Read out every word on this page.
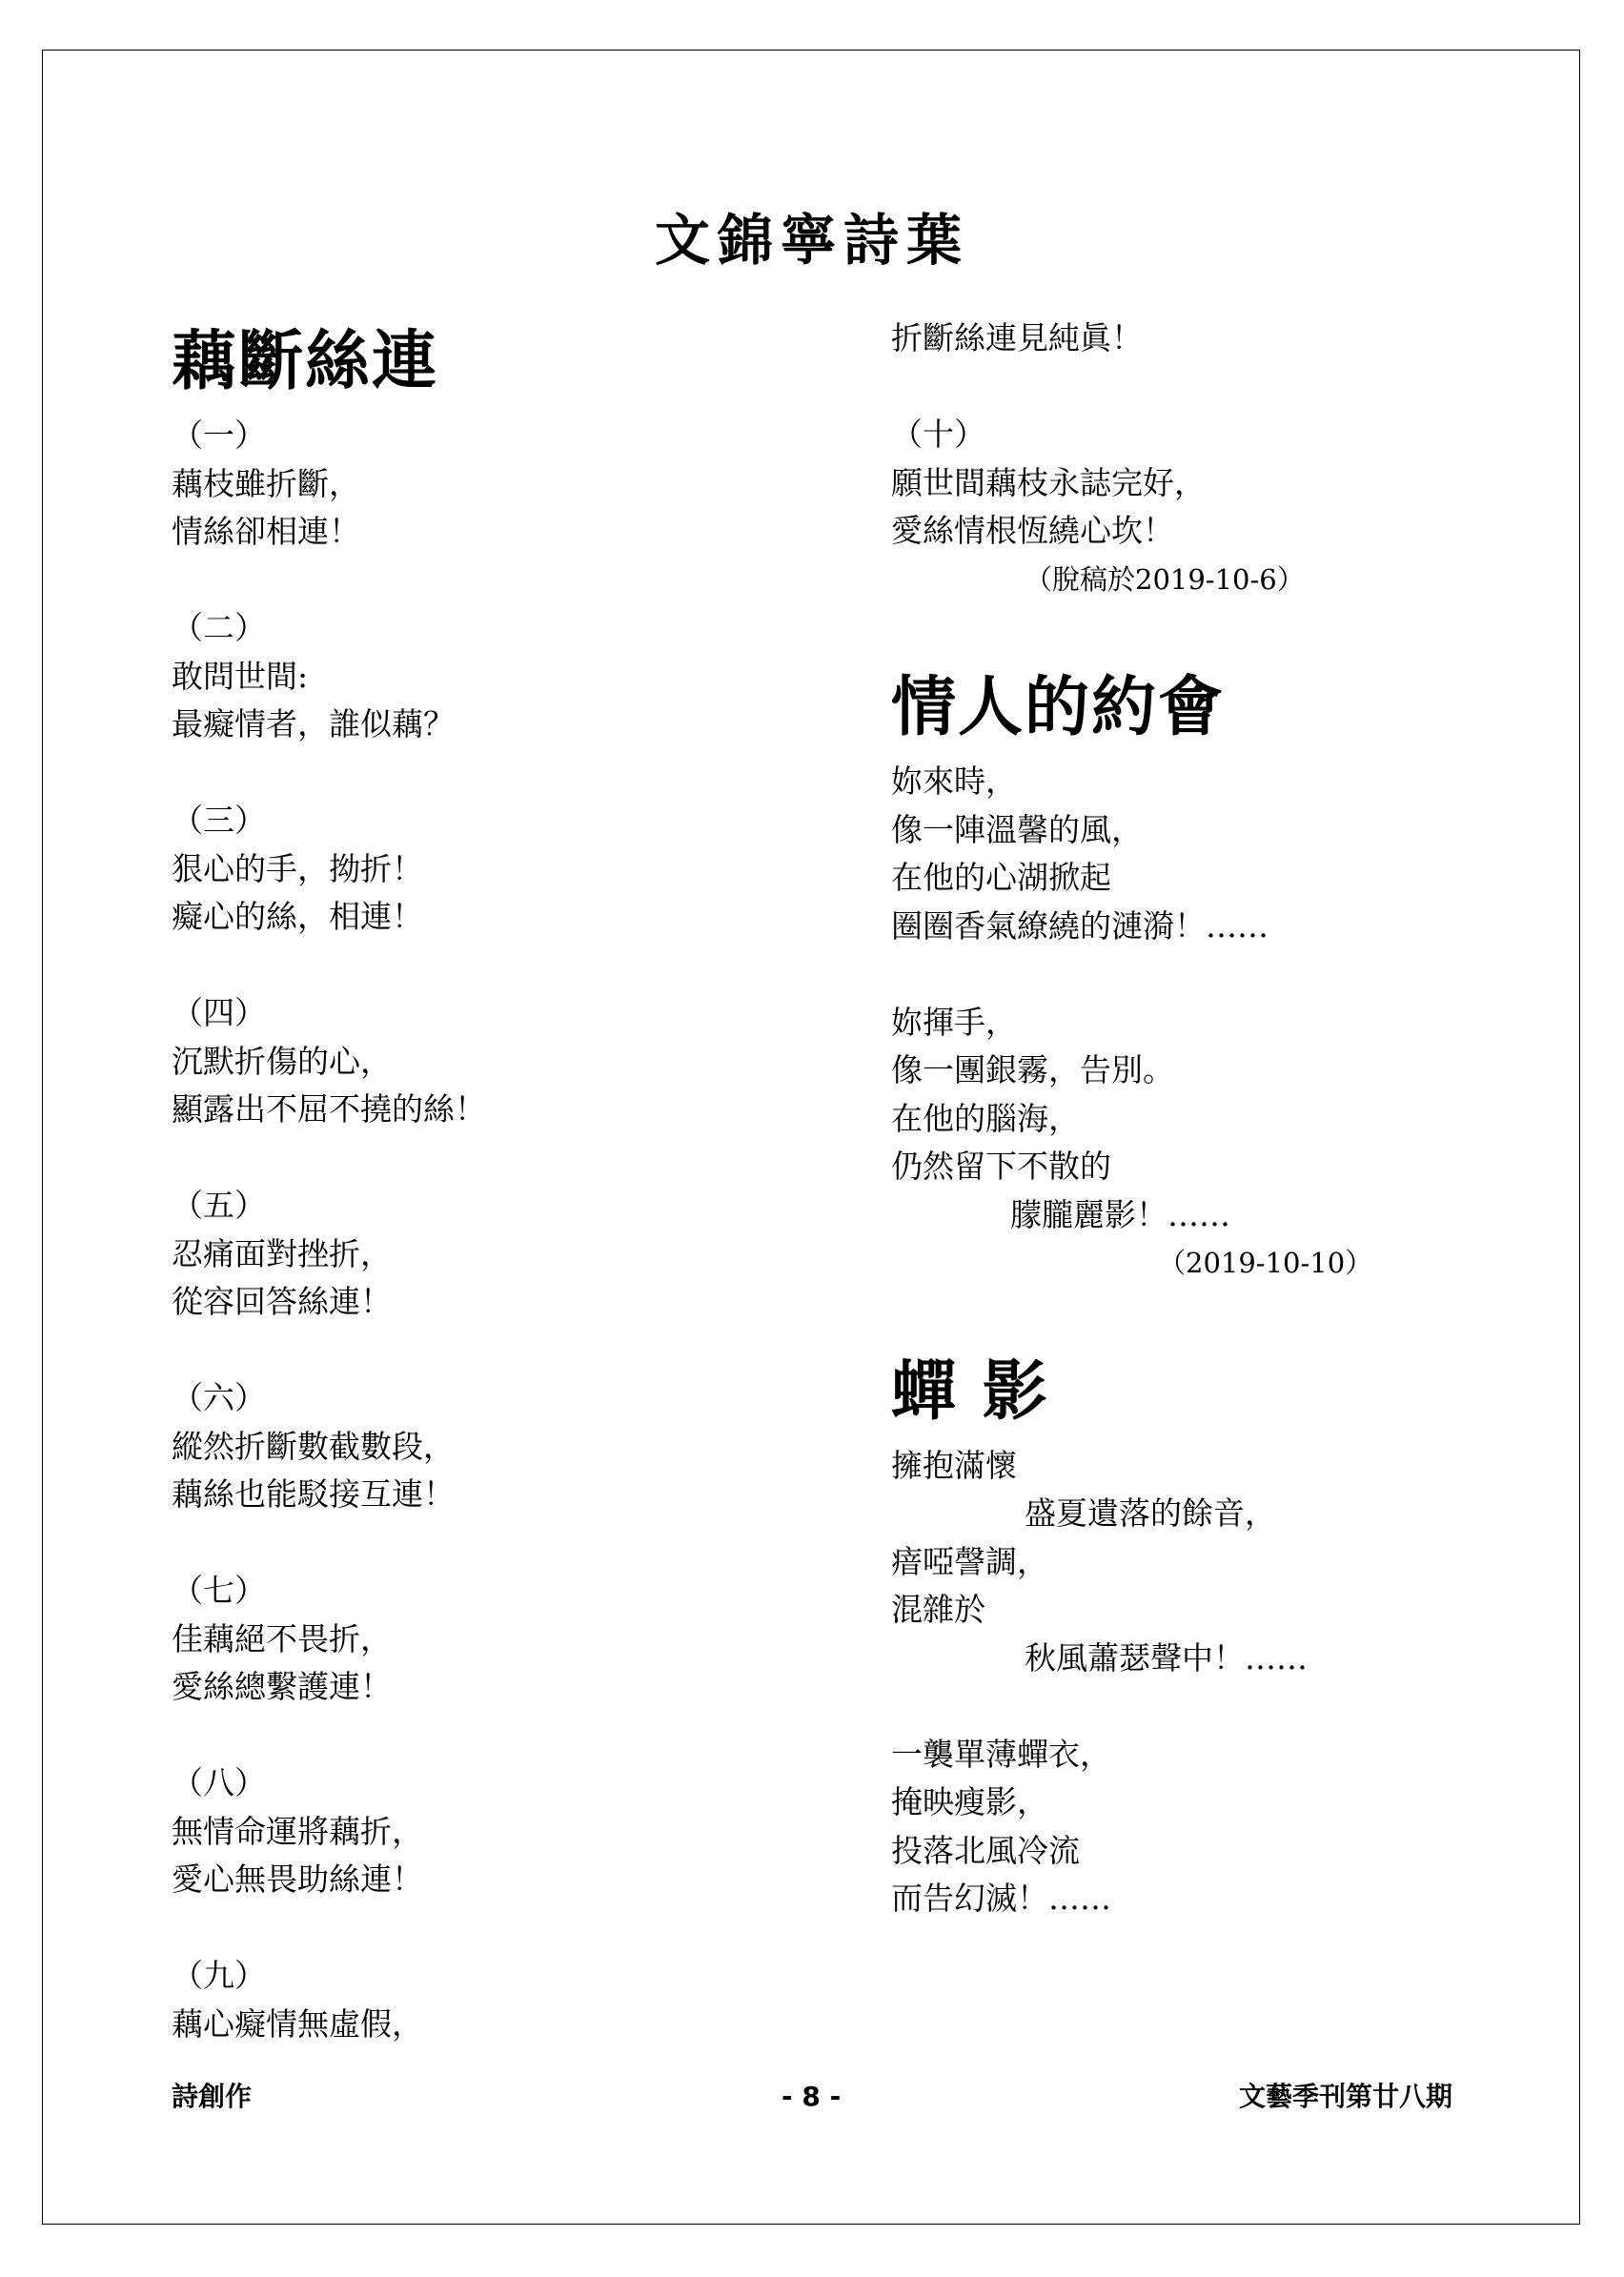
文錦寧詩葉
藕斷絲連
（一）
藕枝雖折斷，
情絲卻相連！
（二）
敢問世間:
最癡情者，誰似藕？
（三）
狠心的手，拗折！
癡心的絲，相連！
（四）
沉默折傷的心，
顯露出不屈不撓的絲！
（五）
忍痛面對挫折，
從容回答絲連！
（六）
縱然折斷數截數段，
藕絲也能駁接互連！
（七）
佳藕絕不畏折，
愛絲總繫護連！
（八）
無情命運將藕折，
愛心無畏助絲連！
（九）
藕心癡情無虛假，
折斷絲連見純眞！
（十）
願世間藕枝永誌完好，
愛絲情根恆繞心坎！
（脫稿於2019-10-6）
情人的約會
妳來時，
像一陣溫馨的風，
在他的心湖掀起
圈圈香氣繚繞的漣漪！……
妳揮手，
像一團銀霧，告別。
在他的腦海，
仍然留下不散的
朦朧麗影！……
（2019-10-10）
蟬 影
擁抱滿懷
盛夏遺落的餘音，
瘖啞謦調，
混雜於
秋風蕭瑟聲中！……
一襲單薄蟬衣，
掩映瘦影，
投落北風冷流
而告幻滅！……
詩創作	- 8 -	文藝季刊第廿八期
